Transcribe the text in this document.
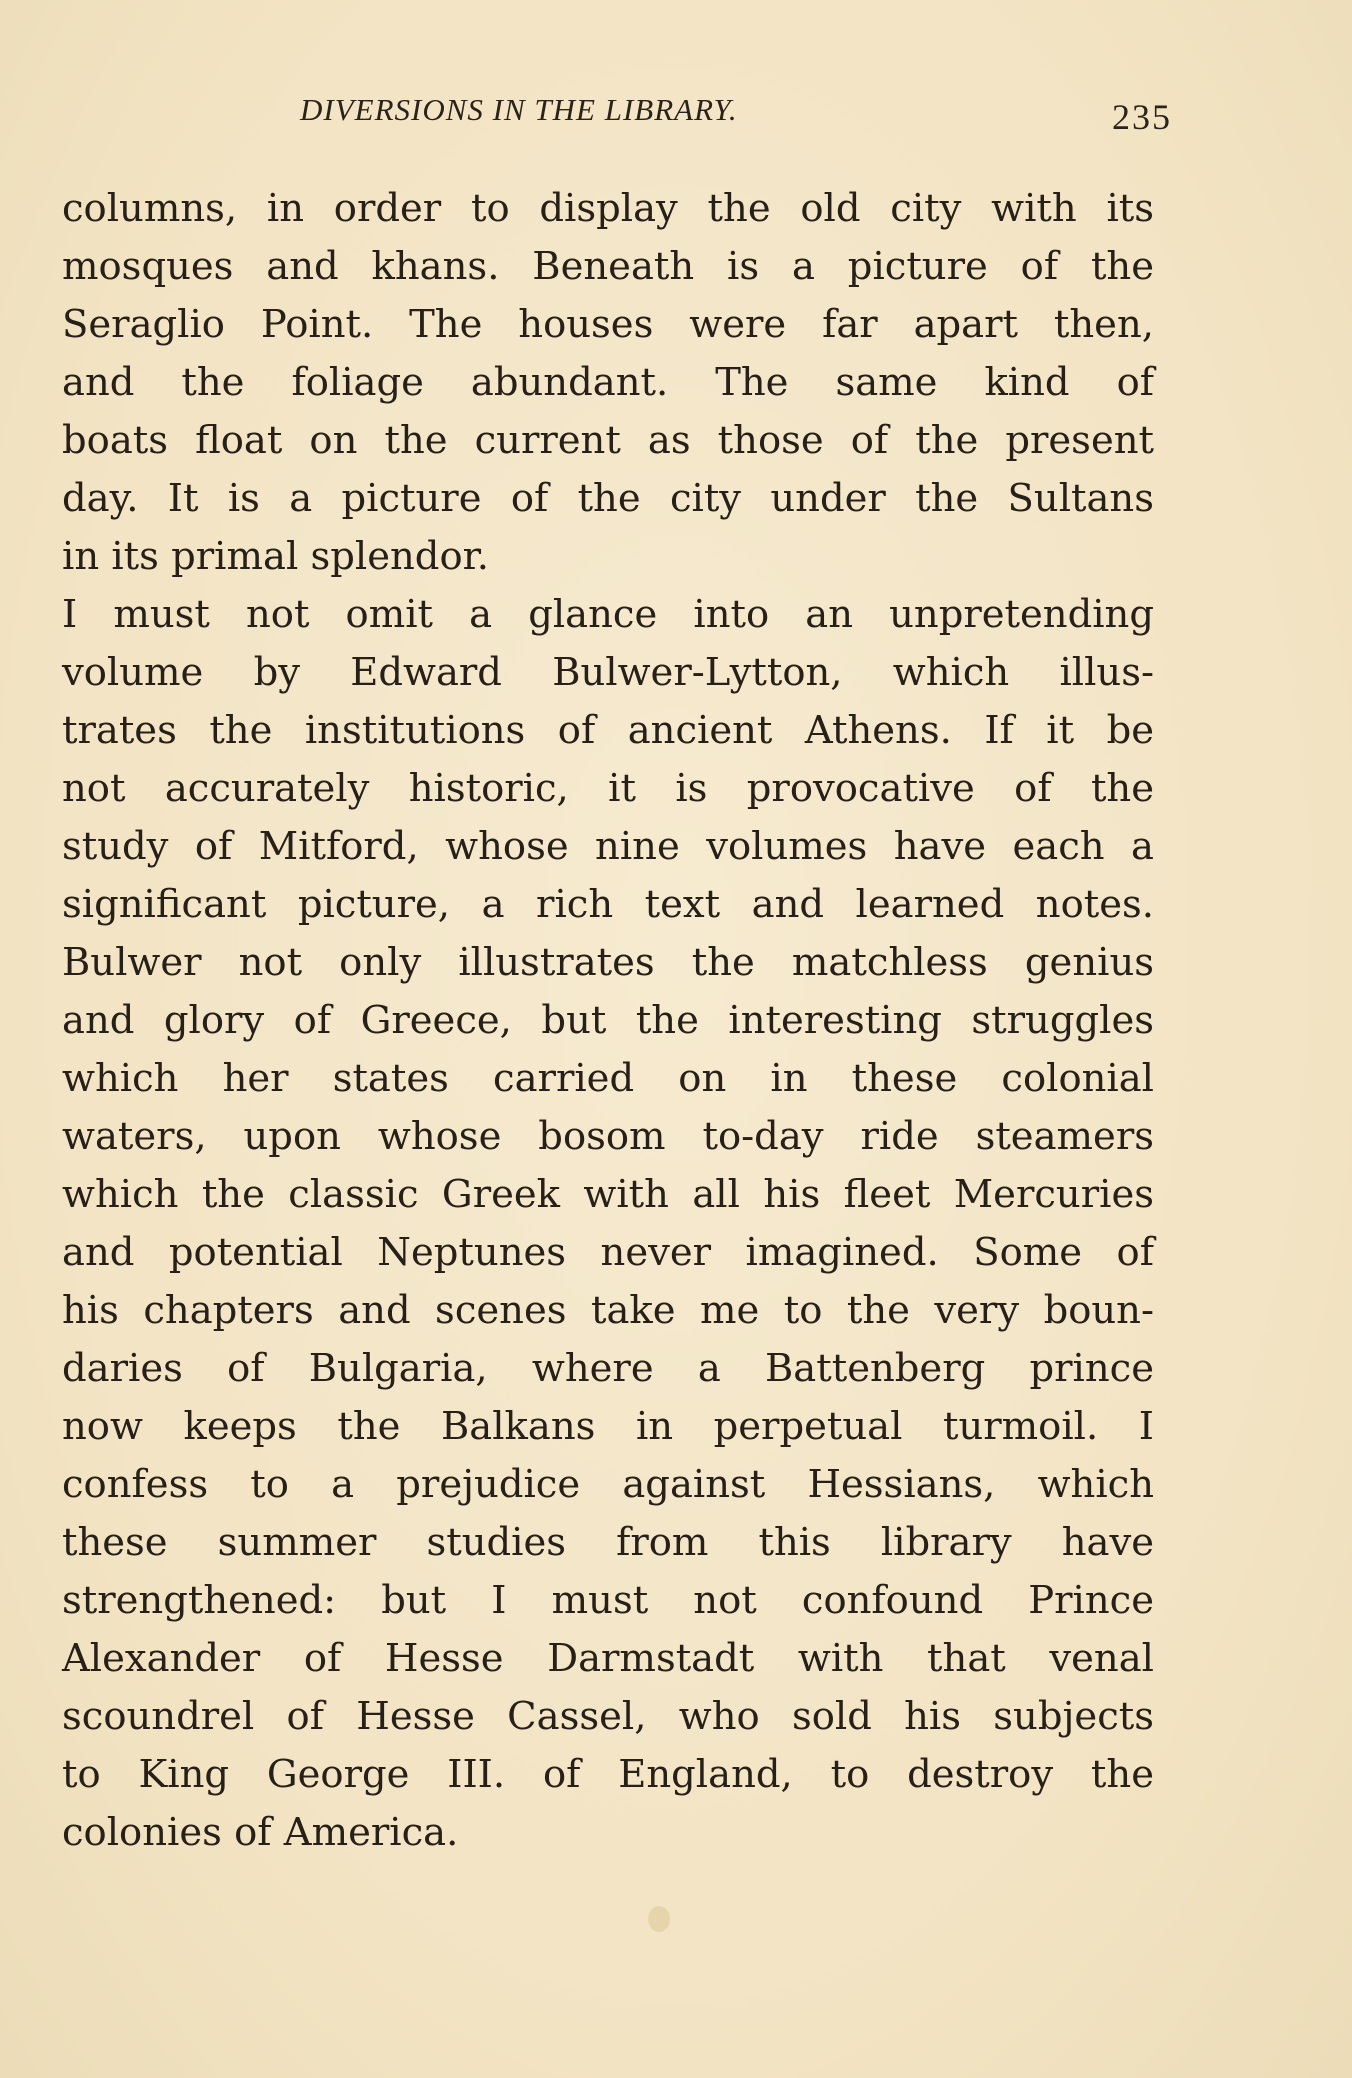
DIVERSIONS IN THE LIBRARY.	235
columns, in order to display the old city with its
mosques and khans. Beneath is a picture of the
Seraglio Point. The houses were far apart then,
and the foliage abundant. The same kind of
boats float on the current as those of the present
day. It is a picture of the city under the Sultans
in its primal splendor.
I must not omit a glance into an unpretending
volume by Edward Bulwer-Lytton, which illus-
trates the institutions of ancient Athens. If it be
not accurately historic, it is provocative of the
study of Mitford, whose nine volumes have each a
significant picture, a rich text and learned notes.
Bulwer not only illustrates the matchless genius
and glory of Greece, but the interesting struggles
which her states carried on in these colonial
waters, upon whose bosom to-day ride steamers
which the classic Greek with all his fleet Mercuries
and potential Neptunes never imagined. Some of
his chapters and scenes take me to the very boun-
daries of Bulgaria, where a Battenberg prince
now keeps the Balkans in perpetual turmoil. I
confess to a prejudice against Hessians, which
these summer studies from this library have
strengthened: but I must not confound Prince
Alexander of Hesse Darmstadt with that venal
scoundrel of Hesse Cassel, who sold his subjects
to King George III. of England, to destroy the
colonies of America.
